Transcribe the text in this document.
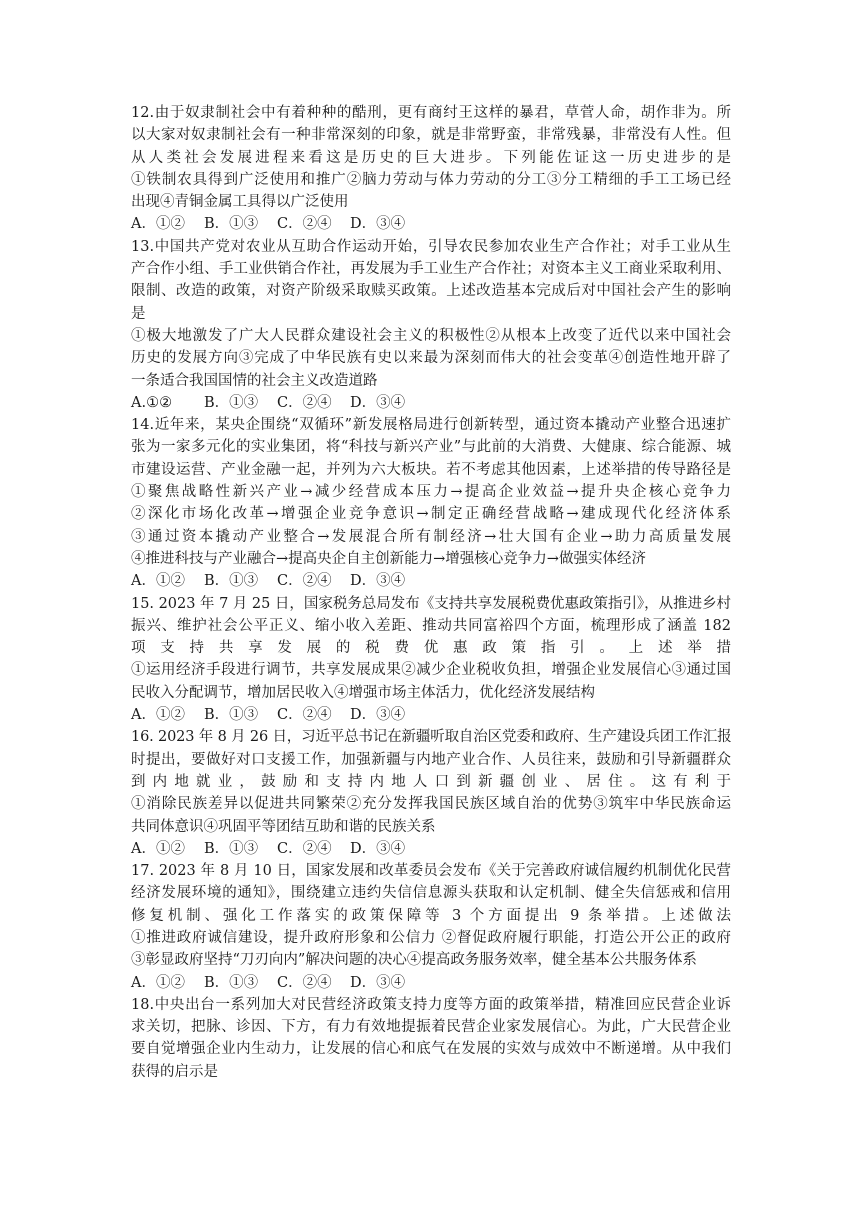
12.由于奴隶制社会中有着种种的酷刑，更有商纣王这样的暴君，草菅人命，胡作非为。所
以大家对奴隶制社会有一种非常深刻的印象，就是非常野蛮，非常残暴，非常没有人性。但
从人类社会发展进程来看这是历史的巨大进步。下列能佐证这一历史进步的是
①铁制农具得到广泛使用和推广②脑力劳动与体力劳动的分工③分工精细的手工工场已经
出现④青铜金属工具得以广泛使用
A．①②	B．①③	C．②④	D．③④
13.中国共产党对农业从互助合作运动开始，引导农民参加农业生产合作社；对手工业从生
产合作小组、手工业供销合作社，再发展为手工业生产合作社；对资本主义工商业采取利用、
限制、改造的政策，对资产阶级采取赎买政策。上述改造基本完成后对中国社会产生的影响
是
①极大地激发了广大人民群众建设社会主义的积极性②从根本上改变了近代以来中国社会
历史的发展方向③完成了中华民族有史以来最为深刻而伟大的社会变革④创造性地开辟了
一条适合我国国情的社会主义改造道路
A.①②	B．①③	C．②④	D．③④
14.近年来，某央企围绕“双循环”新发展格局进行创新转型，通过资本撬动产业整合迅速扩
张为一家多元化的实业集团，将“科技与新兴产业”与此前的大消费、大健康、综合能源、城
市建设运营、产业金融一起，并列为六大板块。若不考虑其他因素，上述举措的传导路径是
①聚焦战略性新兴产业→减少经营成本压力→提高企业效益→提升央企核心竞争力
②深化市场化改革→增强企业竞争意识→制定正确经营战略→建成现代化经济体系
③通过资本撬动产业整合→发展混合所有制经济→壮大国有企业→助力高质量发展
④推进科技与产业融合→提高央企自主创新能力→增强核心竞争力→做强实体经济
A．①②	B．①③	C．②④	D．③④
15. 2023 年 7 月 25 日，国家税务总局发布《支持共享发展税费优惠政策指引》，从推进乡村
振兴、维护社会公平正义、缩小收入差距、推动共同富裕四个方面，梳理形成了涵盖 182
项支持共享发展的税费优惠政策指引。上述举措
①运用经济手段进行调节，共享发展成果②减少企业税收负担，增强企业发展信心③通过国
民收入分配调节，增加居民收入④增强市场主体活力，优化经济发展结构
A．①②	B．①③	C．②④	D．③④
16. 2023 年 8 月 26 日，习近平总书记在新疆听取自治区党委和政府、生产建设兵团工作汇报
时提出，要做好对口支援工作，加强新疆与内地产业合作、人员往来，鼓励和引导新疆群众
到内地就业，鼓励和支持内地人口到新疆创业、居住。这有利于
①消除民族差异以促进共同繁荣②充分发挥我国民族区域自治的优势③筑牢中华民族命运
共同体意识④巩固平等团结互助和谐的民族关系
A．①②	B．①③	C．②④	D．③④
17. 2023 年 8 月 10 日，国家发展和改革委员会发布《关于完善政府诚信履约机制优化民营
经济发展环境的通知》，围绕建立违约失信信息源头获取和认定机制、健全失信惩戒和信用
修复机制、强化工作落实的政策保障等 3 个方面提出 9 条举措。上述做法
①推进政府诚信建设，提升政府形象和公信力 ②督促政府履行职能，打造公开公正的政府
③彰显政府坚持“刀刃向内”解决问题的决心④提高政务服务效率，健全基本公共服务体系
A．①②	B．①③	C．②④	D．③④
18.中央出台一系列加大对民营经济政策支持力度等方面的政策举措，精准回应民营企业诉
求关切，把脉、诊因、下方，有力有效地提振着民营企业家发展信心。为此，广大民营企业
要自觉增强企业内生动力，让发展的信心和底气在发展的实效与成效中不断递增。从中我们
获得的启示是
